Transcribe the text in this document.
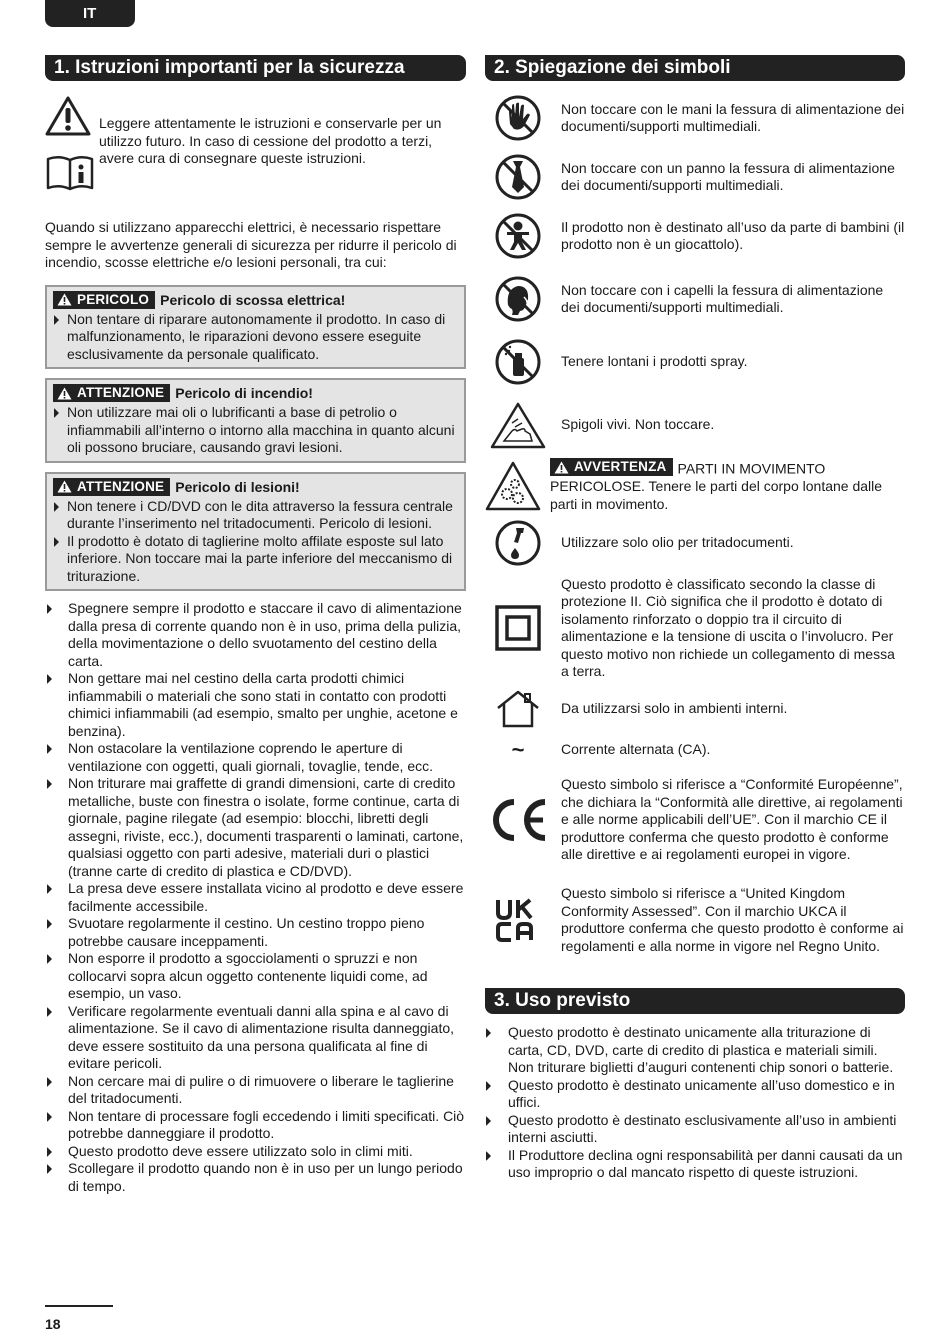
IT
1. Istruzioni importanti per la sicurezza

Leggere attentamente le istruzioni e conservarle per un utilizzo futuro. In caso di cessione del prodotto a terzi, avere cura di consegnare queste istruzioni.

Quando si utilizzano apparecchi elettrici, è necessario rispettare sempre le avvertenze generali di sicurezza per ridurre il pericolo di incendio, scosse elettriche e/o lesioni personali, tra cui:

PERICOLO Pericolo di scossa elettrica!
Non tentare di riparare autonomamente il prodotto. In caso di malfunzionamento, le riparazioni devono essere eseguite esclusivamente da personale qualificato.
ATTENZIONE Pericolo di incendio!
Non utilizzare mai oli o lubrificanti a base di petrolio o infiammabili all’interno o intorno alla macchina in quanto alcuni oli possono bruciare, causando gravi lesioni.
ATTENZIONE Pericolo di lesioni!
Non tenere i CD/DVD con le dita attraverso la fessura centrale durante l’inserimento nel tritadocumenti. Pericolo di lesioni.
Il prodotto è dotato di taglierine molto affilate esposte sul lato inferiore. Non toccare mai la parte inferiore del meccanismo di triturazione.
Spegnere sempre il prodotto e staccare il cavo di alimentazione dalla presa di corrente quando non è in uso, prima della pulizia, della movimentazione o dello svuotamento del cestino della carta.
Non gettare mai nel cestino della carta prodotti chimici infiammabili o materiali che sono stati in contatto con prodotti chimici infiammabili (ad esempio, smalto per unghie, acetone e benzina).
Non ostacolare la ventilazione coprendo le aperture di ventilazione con oggetti, quali giornali, tovaglie, tende, ecc.
Non triturare mai graffette di grandi dimensioni, carte di credito metalliche, buste con finestra o isolate, forme continue, carta di giornale, pagine rilegate (ad esempio: blocchi, libretti degli assegni, riviste, ecc.), documenti trasparenti o laminati, cartone, qualsiasi oggetto con parti adesive, materiali duri o plastici (tranne carte di credito di plastica e CD/DVD).
La presa deve essere installata vicino al prodotto e deve essere facilmente accessibile.
Svuotare regolarmente il cestino. Un cestino troppo pieno potrebbe causare inceppamenti.
Non esporre il prodotto a sgocciolamenti o spruzzi e non collocarvi sopra alcun oggetto contenente liquidi come, ad esempio, un vaso.
Verificare regolarmente eventuali danni alla spina e al cavo di alimentazione. Se il cavo di alimentazione risulta danneggiato, deve essere sostituito da una persona qualificata al fine di evitare pericoli.
Non cercare mai di pulire o di rimuovere o liberare le taglierine del tritadocumenti.
Non tentare di processare fogli eccedendo i limiti specificati. Ciò potrebbe danneggiare il prodotto.
Questo prodotto deve essere utilizzato solo in climi miti.
Scollegare il prodotto quando non è in uso per un lungo periodo di tempo.
2. Spiegazione dei simboli
Non toccare con le mani la fessura di alimentazione dei documenti/supporti multimediali.
Non toccare con un panno la fessura di alimentazione dei documenti/supporti multimediali.
Il prodotto non è destinato all’uso da parte di bambini (il prodotto non è un giocattolo).
Non toccare con i capelli la fessura di alimentazione dei documenti/supporti multimediali.
Tenere lontani i prodotti spray.
Spigoli vivi. Non toccare.
AVVERTENZA PARTI IN MOVIMENTO PERICOLOSE. Tenere le parti del corpo lontane dalle parti in movimento.
Utilizzare solo olio per tritadocumenti.
Questo prodotto è classificato secondo la classe di protezione II. Ciò significa che il prodotto è dotato di isolamento rinforzato o doppio tra il circuito di alimentazione e la tensione di uscita o l’involucro. Per questo motivo non richiede un collegamento di messa a terra.
Da utilizzarsi solo in ambienti interni.
~	Corrente alternata (CA).
Questo simbolo si riferisce a “Conformité Européenne”, che dichiara la “Conformità alle direttive, ai regolamenti e alle norme applicabili dell’UE”. Con il marchio CE il produttore conferma che questo prodotto è conforme alle direttive e ai regolamenti europei in vigore.
Questo simbolo si riferisce a “United Kingdom Conformity Assessed”. Con il marchio UKCA il produttore conferma che questo prodotto è conforme ai regolamenti e alla norme in vigore nel Regno Unito.
3. Uso previsto
Questo prodotto è destinato unicamente alla triturazione di carta, CD, DVD, carte di credito di plastica e materiali simili. Non triturare biglietti d’auguri contenenti chip sonori o batterie.
Questo prodotto è destinato unicamente all’uso domestico e in uffici.
Questo prodotto è destinato esclusivamente all’uso in ambienti interni asciutti.
Il Produttore declina ogni responsabilità per danni causati da un uso improprio o dal mancato rispetto di queste istruzioni.
18
